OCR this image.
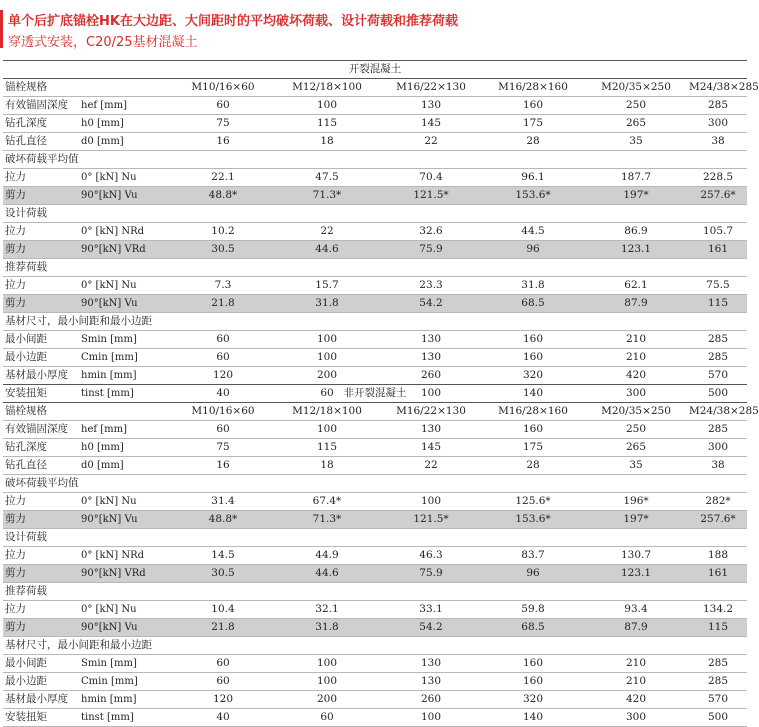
单个后扩底锚栓HK在大边距、大间距时的平均破坏荷载、设计荷载和推荐荷载
穿透式安装，C20/25基材混凝土
开裂混凝土							
锚栓规格		M10/16×60	M12/18×100	M16/22×130	M16/28×160	M20/35×250	M24/38×285
有效锚固深度	hef [mm]	60	100	130	160	250	285
钻孔深度	h0 [mm]	75	115	145	175	265	300
钻孔直径	d0 [mm]	16	18	22	28	35	38
破坏荷载平均值							
拉力	0° [kN] Nu	22.1	47.5	70.4	96.1	187.7	228.5
剪力	90°[kN] Vu	48.8*	71.3*	121.5*	153.6*	197*	257.6*
设计荷载							
拉力	0° [kN] NRd	10.2	22	32.6	44.5	86.9	105.7
剪力	90°[kN] VRd	30.5	44.6	75.9	96	123.1	161
推荐荷载							
拉力	0° [kN] Nu	7.3	15.7	23.3	31.8	62.1	75.5
剪力	90°[kN] Vu	21.8	31.8	54.2	68.5	87.9	115
基材尺寸，最小间距和最小边距							
最小间距	Smin [mm]	60	100	130	160	210	285
最小边距	Cmin [mm]	60	100	130	160	210	285
基材最小厚度	hmin [mm]	120	200	260	320	420	570
安装扭矩	tinst [mm]	40	60	100	140	300	500
非开裂混凝土							
锚栓规格		M10/16×60	M12/18×100	M16/22×130	M16/28×160	M20/35×250	M24/38×285
有效锚固深度	hef [mm]	60	100	130	160	250	285
钻孔深度	h0 [mm]	75	115	145	175	265	300
钻孔直径	d0 [mm]	16	18	22	28	35	38
破坏荷载平均值							
拉力	0° [kN] Nu	31.4	67.4*	100	125.6*	196*	282*
剪力	90°[kN] Vu	48.8*	71.3*	121.5*	153.6*	197*	257.6*
设计荷载							
拉力	0° [kN] NRd	14.5	44.9	46.3	83.7	130.7	188
剪力	90°[kN] VRd	30.5	44.6	75.9	96	123.1	161
推荐荷载							
拉力	0° [kN] Nu	10.4	32.1	33.1	59.8	93.4	134.2
剪力	90°[kN] Vu	21.8	31.8	54.2	68.5	87.9	115
基材尺寸，最小间距和最小边距							
最小间距	Smin [mm]	60	100	130	160	210	285
最小边距	Cmin [mm]	60	100	130	160	210	285
基材最小厚度	hmin [mm]	120	200	260	320	420	570
安装扭矩	tinst [mm]	40	60	100	140	300	500
